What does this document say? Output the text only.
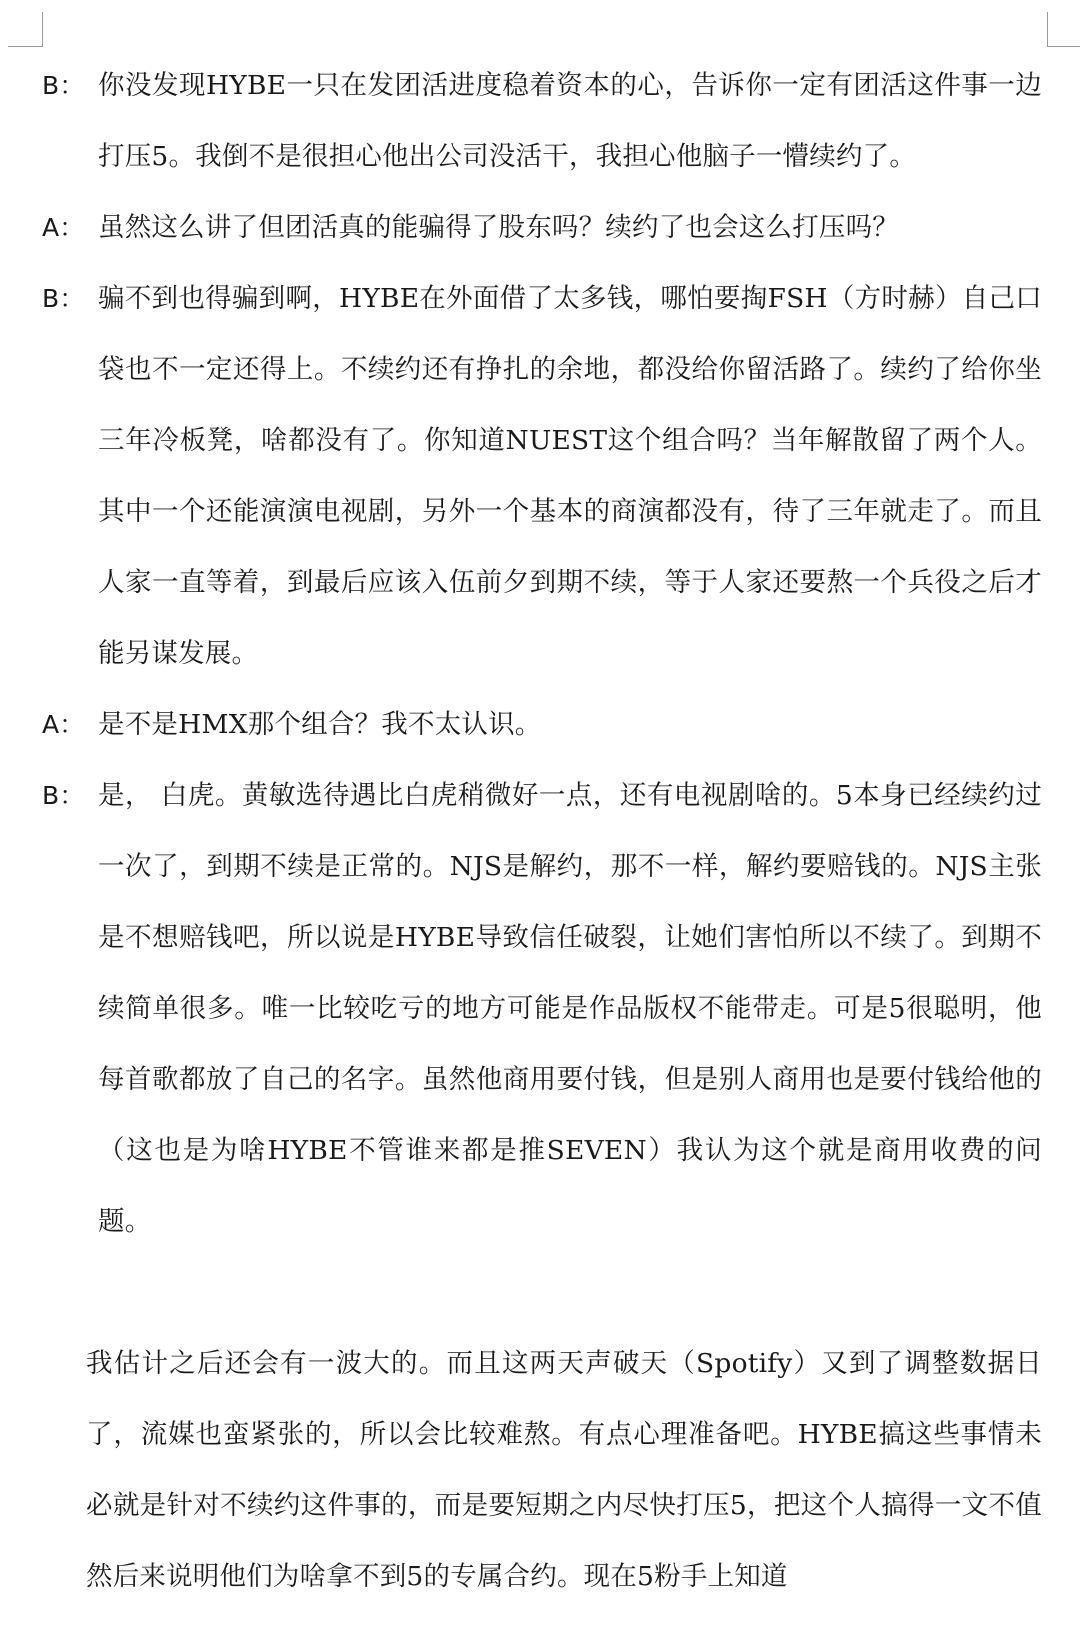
B： 你没发现HYBE一只在发团活进度稳着资本的心，告诉你一定有团活这件事一边打压5。我倒不是很担心他出公司没活干，我担心他脑子一懵续约了。
A： 虽然这么讲了但团活真的能骗得了股东吗？续约了也会这么打压吗？
B： 骗不到也得骗到啊，HYBE在外面借了太多钱，哪怕要掏FSH（方时赫）自己口袋也不一定还得上。不续约还有挣扎的余地，都没给你留活路了。续约了给你坐三年冷板凳，啥都没有了。你知道NUEST这个组合吗？当年解散留了两个人。其中一个还能演演电视剧，另外一个基本的商演都没有，待了三年就走了。而且人家一直等着，到最后应该入伍前夕到期不续，等于人家还要熬一个兵役之后才能另谋发展。
A： 是不是HMX那个组合？我不太认识。
B： 是， 白虎。黄敏选待遇比白虎稍微好一点，还有电视剧啥的。5本身已经续约过一次了，到期不续是正常的。NJS是解约，那不一样，解约要赔钱的。NJS主张是不想赔钱吧，所以说是HYBE导致信任破裂，让她们害怕所以不续了。到期不续简单很多。唯一比较吃亏的地方可能是作品版权不能带走。可是5很聪明，他每首歌都放了自己的名字。虽然他商用要付钱，但是别人商用也是要付钱给他的（这也是为啥HYBE不管谁来都是推SEVEN）我认为这个就是商用收费的问题。
我估计之后还会有一波大的。而且这两天声破天（Spotify）又到了调整数据日了，流媒也蛮紧张的，所以会比较难熬。有点心理准备吧。HYBE搞这些事情未必就是针对不续约这件事的，而是要短期之内尽快打压5，把这个人搞得一文不值然后来说明他们为啥拿不到5的专属合约。现在5粉手上知道
